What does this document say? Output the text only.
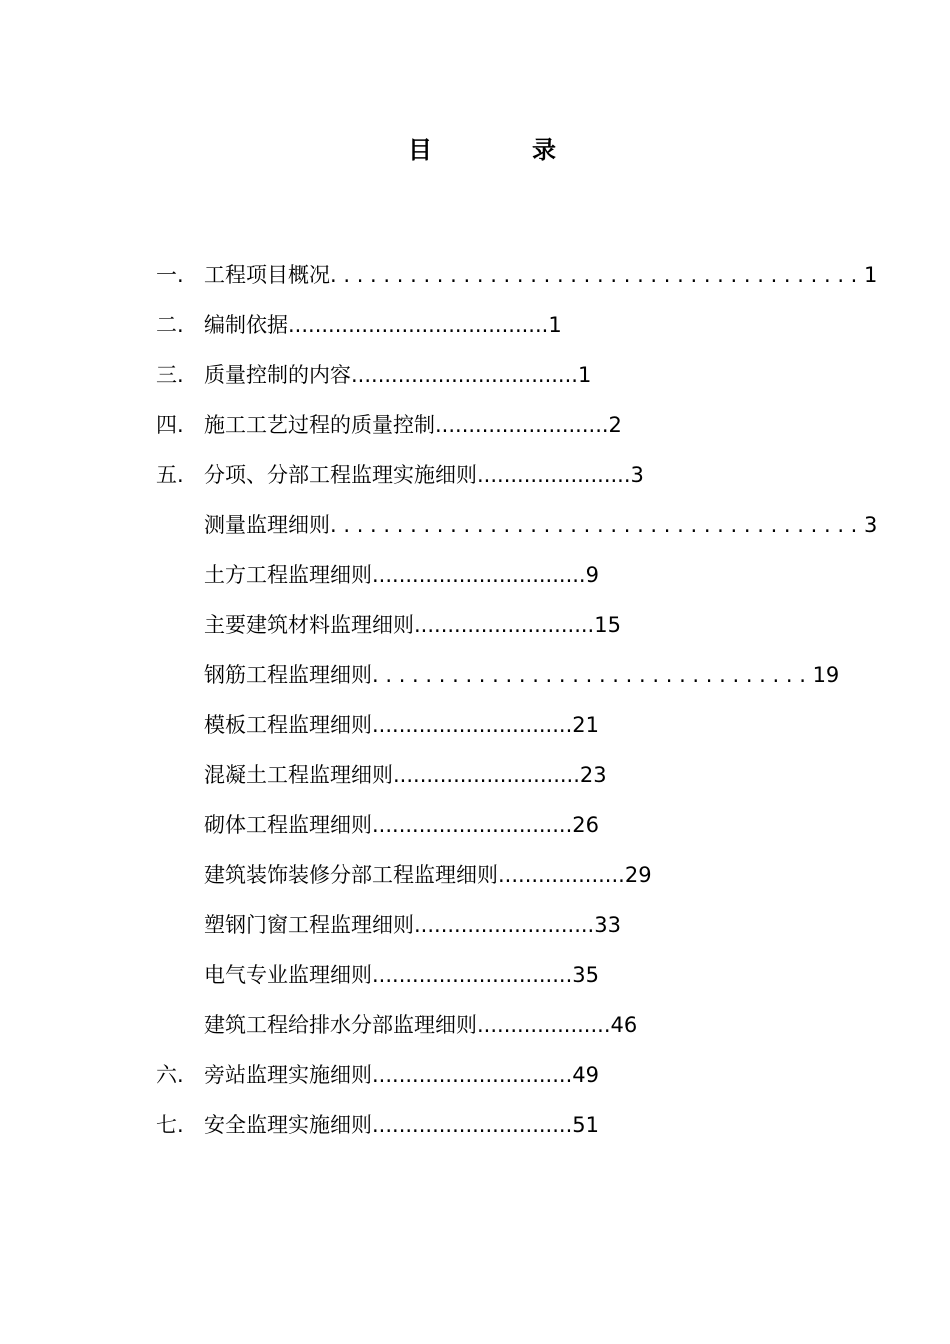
目	录
一. 工程项目概况. . . . . . . . . . . . . . . . . . . . . . . . . . . . . . . . . . . . . . . . 1
二. 编制依据.......................................1
三. 质量控制的内容..................................1
四. 施工工艺过程的质量控制..........................2
五. 分项、分部工程监理实施细则.......................3
测量监理细则. . . . . . . . . . . . . . . . . . . . . . . . . . . . . . . . . . . . . . . . 3
土方工程监理细则................................9
主要建筑材料监理细则...........................15
钢筋工程监理细则. . . . . . . . . . . . . . . . . . . . . . . . . . . . . . . . . 19
模板工程监理细则..............................21
混凝土工程监理细则............................23
砌体工程监理细则..............................26
建筑装饰装修分部工程监理细则...................29
塑钢门窗工程监理细则...........................33
电气专业监理细则..............................35
建筑工程给排水分部监理细则....................46
六. 旁站监理实施细则..............................49
七. 安全监理实施细则..............................51
